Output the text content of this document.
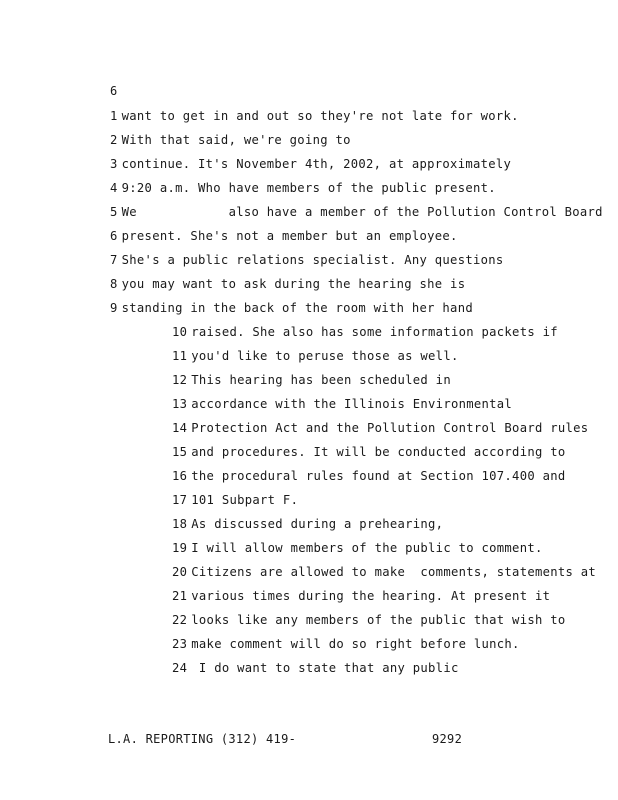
6
1 want to get in and out so they're not late for work.
2 With that said, we're going to
3 continue. It's November 4th, 2002, at approximately
4 9:20 a.m. Who have members of the public present.
5 We            also have a member of the Pollution Control Board
6 present. She's not a member but an employee.
7 She's a public relations specialist. Any questions
8 you may want to ask during the hearing she is
9 standing in the back of the room with her hand
10 raised. She also has some information packets if
11 you'd like to peruse those as well.
12 This hearing has been scheduled in
13 accordance with the Illinois Environmental
14 Protection Act and the Pollution Control Board rules
15 and procedures. It will be conducted according to
16 the procedural rules found at Section 107.400 and
17 101 Subpart F.
18 As discussed during a prehearing,
19 I will allow members of the public to comment.
20 Citizens are allowed to make  comments, statements at
21 various times during the hearing. At present it
22 looks like any members of the public that wish to
23 make comment will do so right before lunch.
24 I do want to state that any public
L.A. REPORTING (312) 419-	9292
